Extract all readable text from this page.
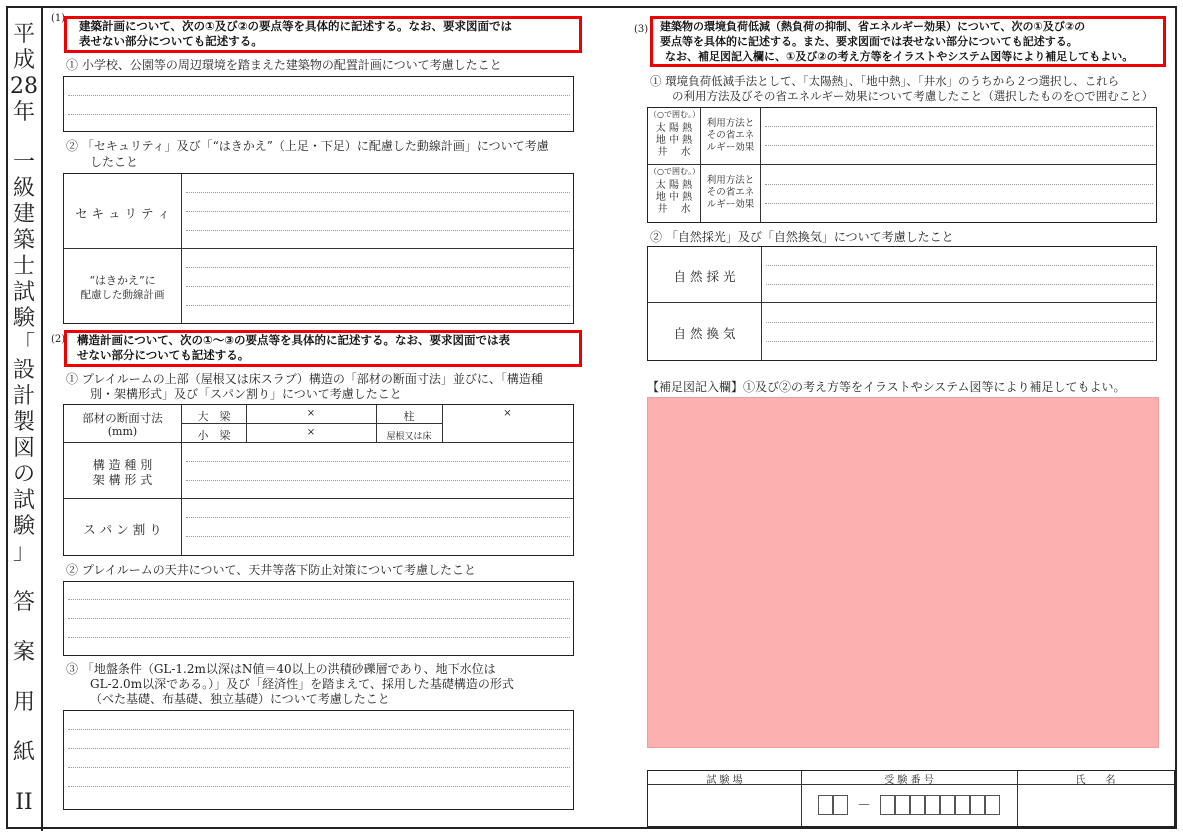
平
成
28
年
一
級
建
築
士
試
験
「
設
計
製
図
の
試
験
」
答
案
用
紙
II
(1)
建築計画について、次の①及び②の要点等を具体的に記述する。なお、要求図面では
表せない部分についても記述する。
① 小学校、公園等の周辺環境を踏まえた建築物の配置計画について考慮したこと
② 「セキュリティ」及び「“はきかえ”（上足・下足）に配慮した動線計画」について考慮
したこと
セ キ ュ リ テ ィ
“はきかえ”に
配慮した動線計画
(2) 構造計画について、次の①～③の要点等を具体的に記述する。なお、要求図面では表
せない部分についても記述する。
① プレイルームの上部（屋根又は床スラブ）構造の「部材の断面寸法」並びに、「構造種
別・架構形式」及び「スパン割り」について考慮したこと
部材の断面寸法
(mm)
大　梁
小　梁
×
×
柱
屋根又は床
×
構 造 種 別
架 構 形 式
ス パ ン 割 り
② プレイルームの天井について、天井等落下防止対策について考慮したこと
③ 「地盤条件（GL-1.2m以深はN値＝40以上の洪積砂礫層であり、地下水位は
GL-2.0m以深である。）」及び「経済性」を踏まえて、採用した基礎構造の形式
（べた基礎、布基礎、独立基礎）について考慮したこと
(3) 建築物の環境負荷低減（熱負荷の抑制、省エネルギー効果）について、次の①及び②の
要点等を具体的に記述する。また、要求図面では表せない部分についても記述する。
なお、補足図記入欄に、①及び②の考え方等をイラストやシステム図等により補足してもよい。
① 環境負荷低減手法として、「太陽熱」、「地中熱」、「井水」のうちから２つ選択し、これら
の利用方法及びその省エネルギー効果について考慮したこと（選択したものを○で囲むこと）
（○で囲む。）
太 陽 熱
地 中 熱
井　 水
利用方法と
その省エネ
ルギー効果
（○で囲む。）
太 陽 熱
地 中 熱
井　 水
利用方法と
その省エネ
ルギー効果
② 「自然採光」及び「自然換気」について考慮したこと
自 然 採 光
自 然 換 気
【補足図記入欄】①及び②の考え方等をイラストやシステム図等により補足してもよい。
試 験 場	受 験 番 号	氏　　名
－
